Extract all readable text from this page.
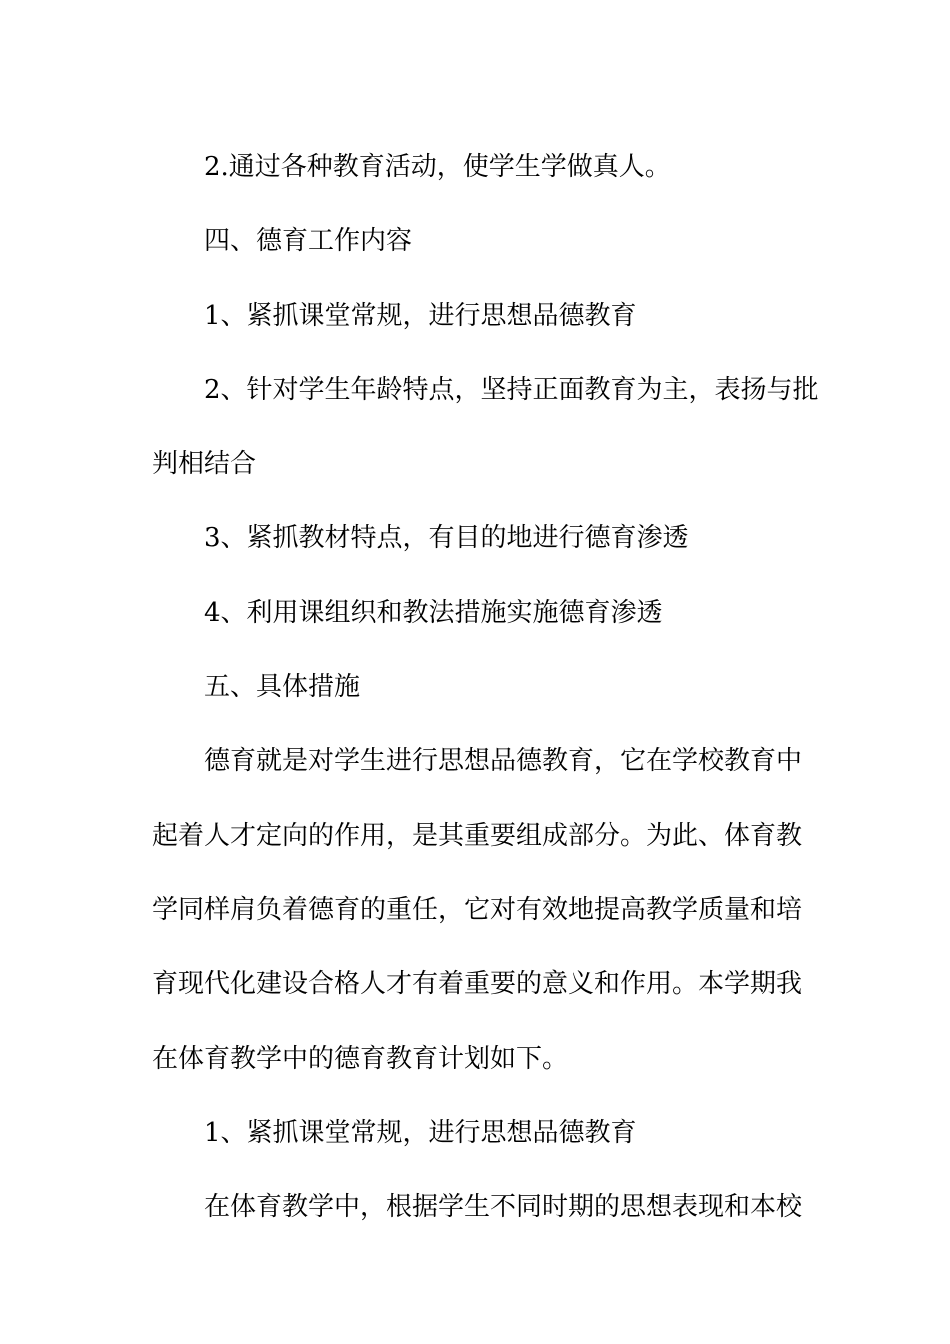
2.通过各种教育活动，使学生学做真人。

四、德育工作内容

1、紧抓课堂常规，进行思想品德教育

2、针对学生年龄特点，坚持正面教育为主，表扬与批

判相结合

3、紧抓教材特点，有目的地进行德育渗透

4、利用课组织和教法措施实施德育渗透

五、具体措施

德育就是对学生进行思想品德教育，它在学校教育中

起着人才定向的作用，是其重要组成部分。为此、体育教

学同样肩负着德育的重任，它对有效地提高教学质量和培

育现代化建设合格人才有着重要的意义和作用。本学期我

在体育教学中的德育教育计划如下。

1、紧抓课堂常规，进行思想品德教育

在体育教学中，根据学生不同时期的思想表现和本校
